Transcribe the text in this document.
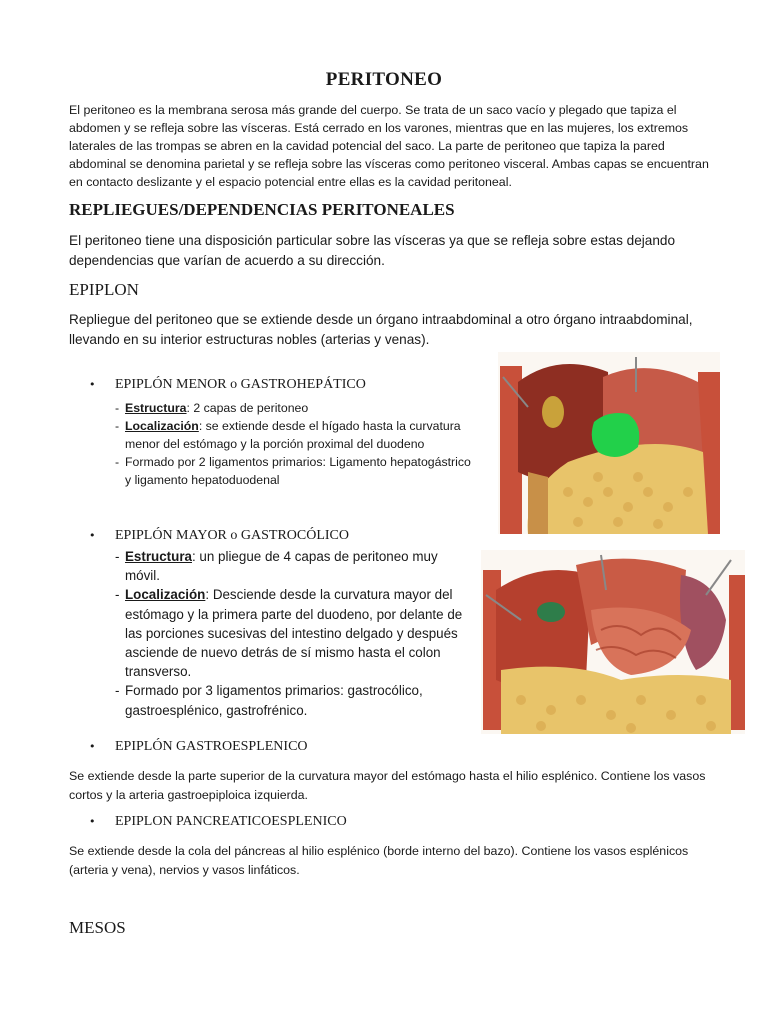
PERITONEO

El peritoneo es la membrana serosa más grande del cuerpo. Se trata de un saco vacío y plegado que tapiza el abdomen y se refleja sobre las vísceras. Está cerrado en los varones, mientras que en las mujeres, los extremos laterales de las trompas se abren en la cavidad potencial del saco. La parte de peritoneo que tapiza la pared abdominal se denomina parietal y se refleja sobre las vísceras como peritoneo visceral. Ambas capas se encuentran en contacto deslizante y el espacio potencial entre ellas es la cavidad peritoneal.

REPLIEGUES/DEPENDENCIAS PERITONEALES

El peritoneo tiene una disposición particular sobre las vísceras ya que se refleja sobre estas dejando dependencias que varían de acuerdo a su dirección.

EPIPLON

Repliegue del peritoneo que se extiende desde un órgano intraabdominal a otro órgano intraabdominal, llevando en su interior estructuras nobles (arterias y venas).

• EPIPLÓN MENOR o GASTROHEPÁTICO
- Estructura: 2 capas de peritoneo
- Localización: se extiende desde el hígado hasta la curvatura menor del estómago y la porción proximal del duodeno
- Formado por 2 ligamentos primarios: Ligamento hepatogástrico y ligamento hepatoduodenal
• EPIPLÓN MAYOR o GASTROCÓLICO
- Estructura: un pliegue de 4 capas de peritoneo muy móvil.
- Localización: Desciende desde la curvatura mayor del estómago y la primera parte del duodeno, por delante de las porciones sucesivas del intestino delgado y después asciende de nuevo detrás de sí mismo hasta el colon transverso.
- Formado por 3 ligamentos primarios: gastrocólico, gastroesplénico, gastrofrénico.
• EPIPLÓN GASTROESPLENICO

Se extiende desde la parte superior de la curvatura mayor del estómago hasta el hilio esplénico. Contiene los vasos cortos y la arteria gastroepiploica izquierda.

• EPIPLON PANCREATICOESPLENICO

Se extiende desde la cola del páncreas al hilio esplénico (borde interno del bazo). Contiene los vasos esplénicos (arteria y vena), nervios y vasos linfáticos.

MESOS
